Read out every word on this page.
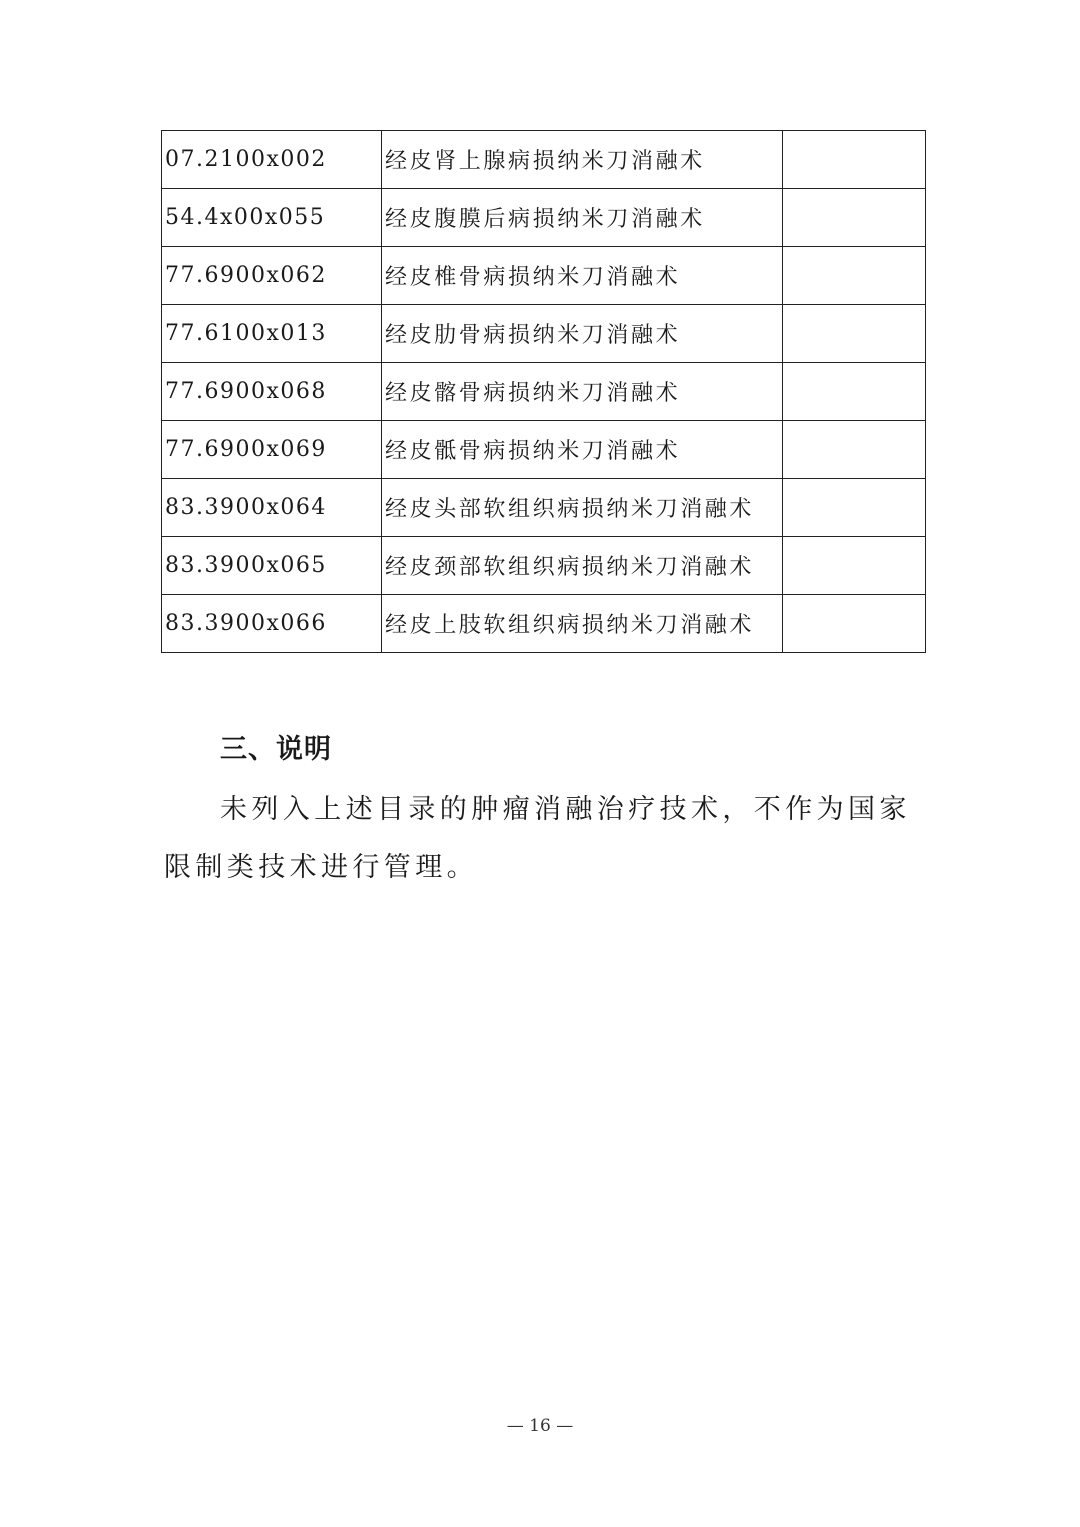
07.2100x002	经皮肾上腺病损纳米刀消融术	
54.4x00x055	经皮腹膜后病损纳米刀消融术	
77.6900x062	经皮椎骨病损纳米刀消融术	
77.6100x013	经皮肋骨病损纳米刀消融术	
77.6900x068	经皮髂骨病损纳米刀消融术	
77.6900x069	经皮骶骨病损纳米刀消融术	
83.3900x064	经皮头部软组织病损纳米刀消融术	
83.3900x065	经皮颈部软组织病损纳米刀消融术	
83.3900x066	经皮上肢软组织病损纳米刀消融术	
三、说明

未列入上述目录的肿瘤消融治疗技术，不作为国家限制类技术进行管理。

— 16 —
